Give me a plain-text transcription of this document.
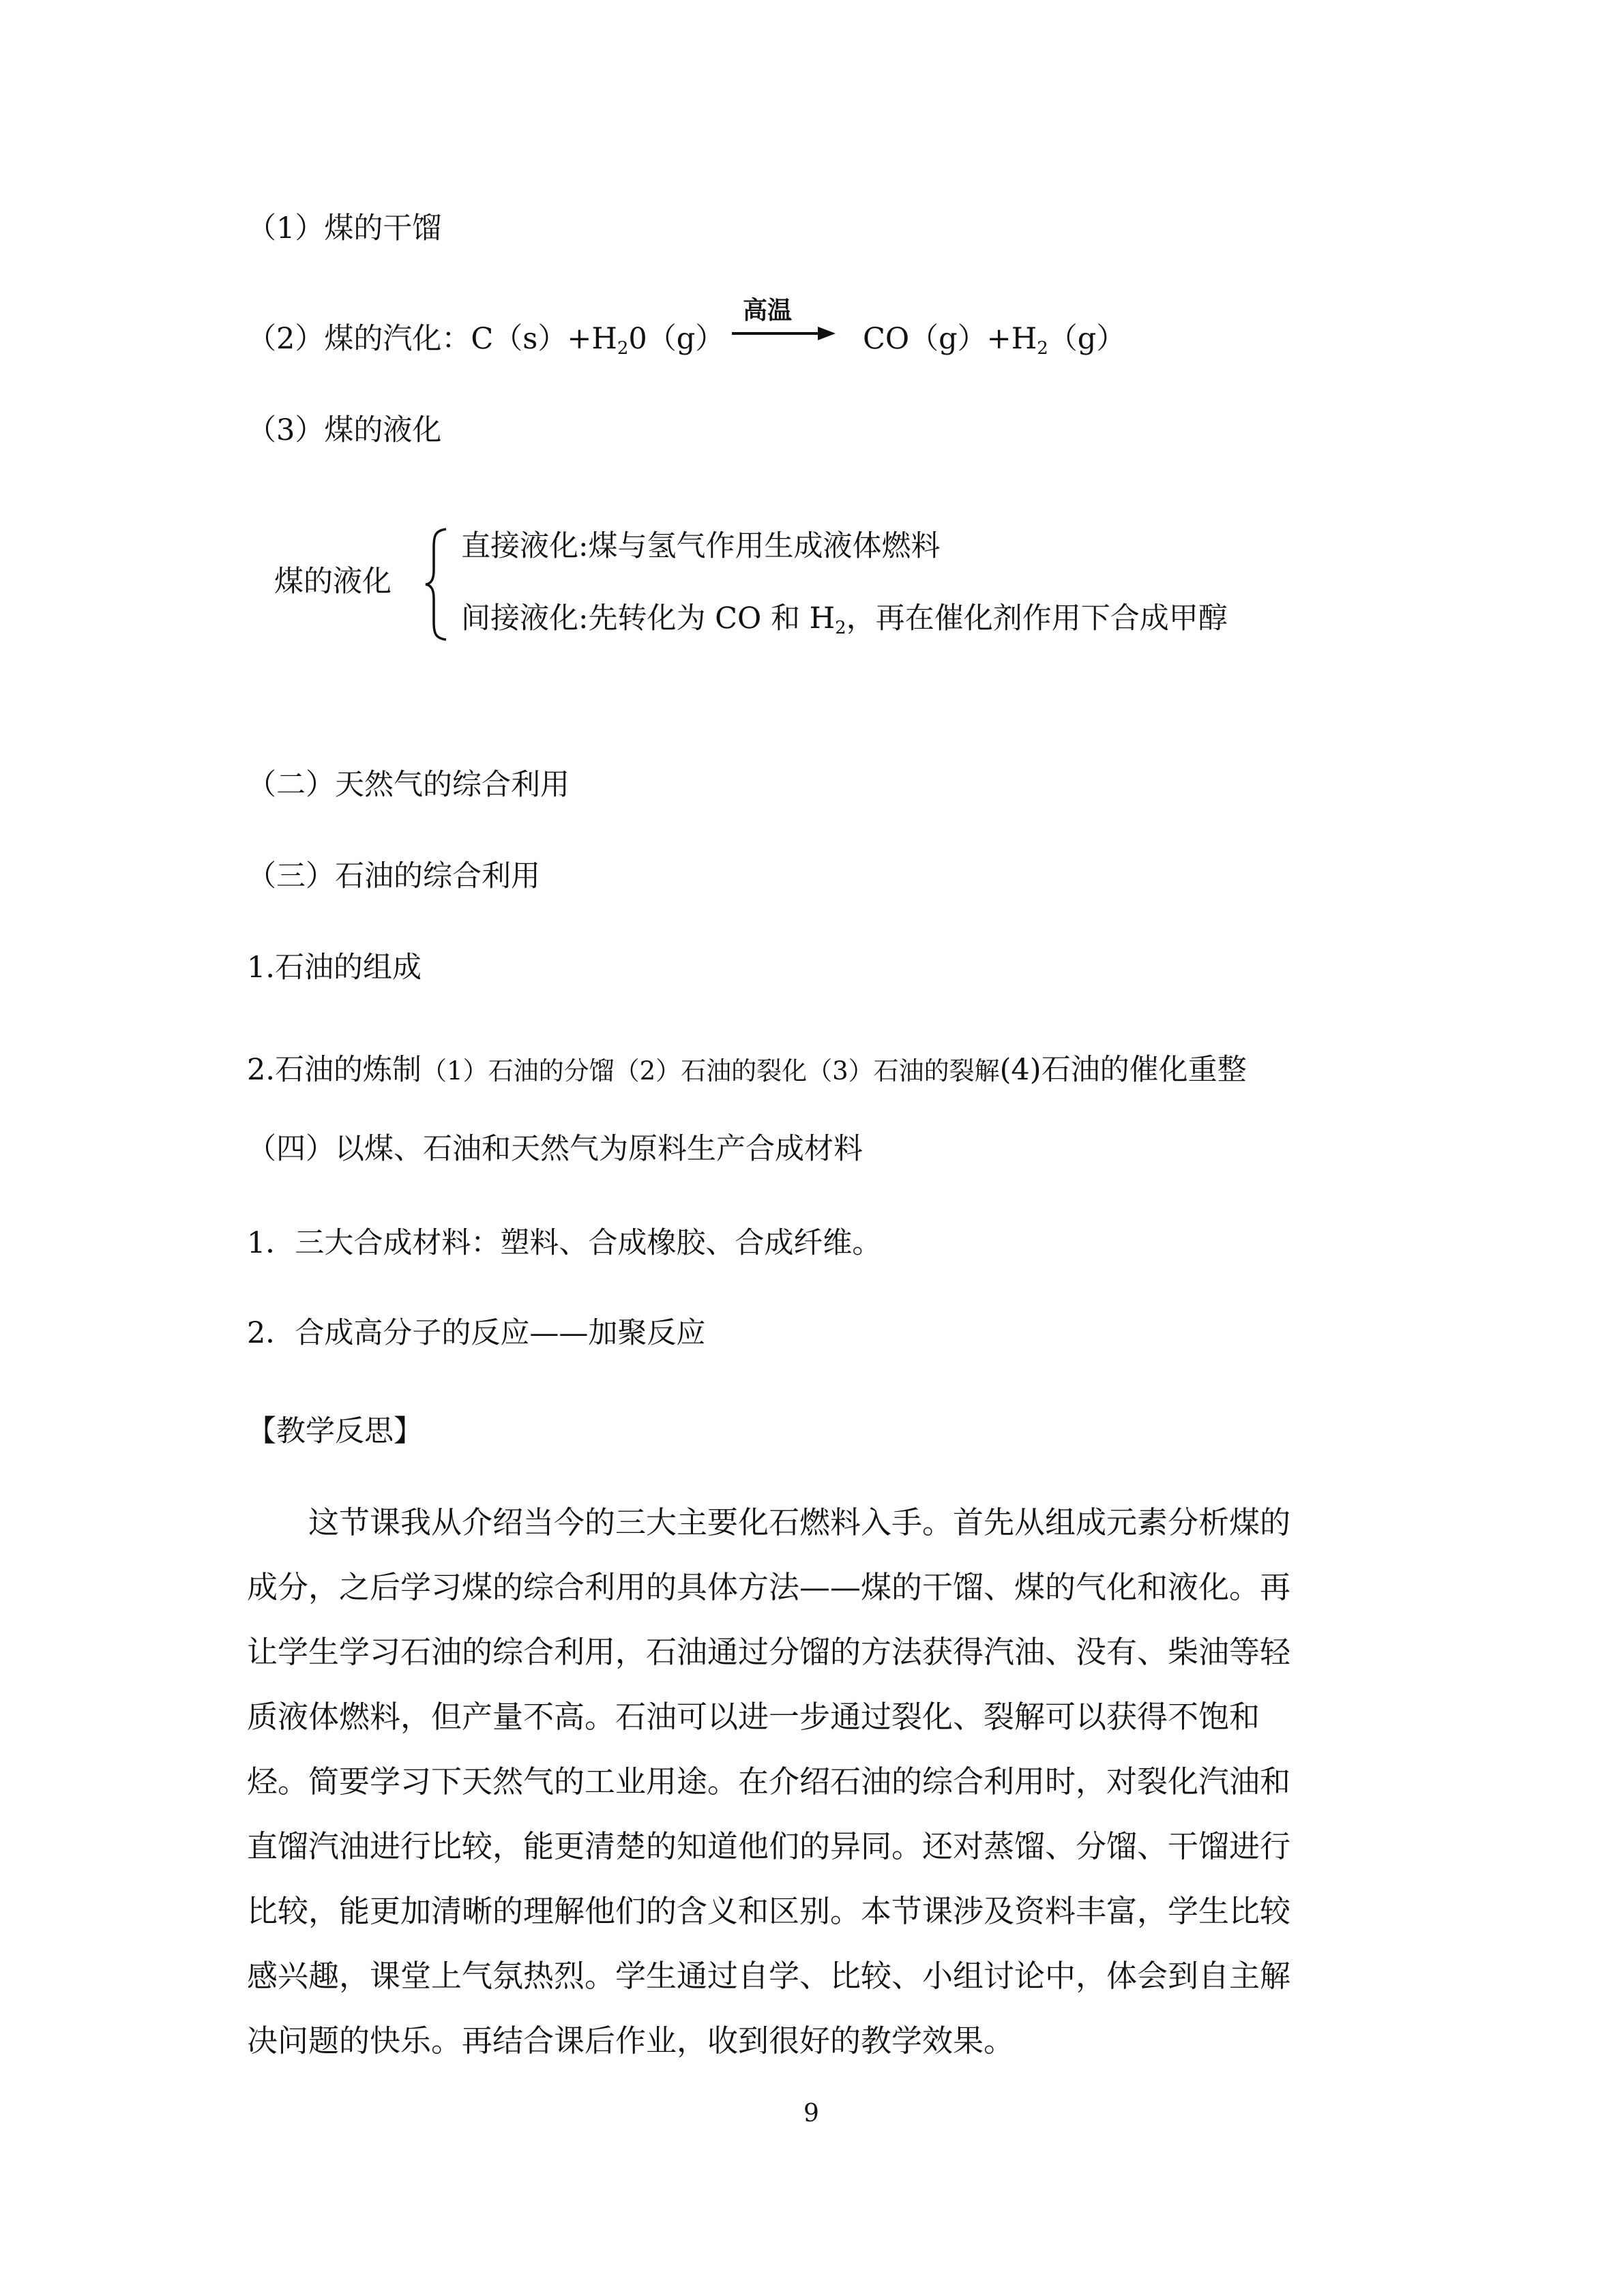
（1）煤的干馏
（2）煤的汽化：$C(s)+H_20(g)$
高温
$CO(g)+H_2(g)$
（3）煤的液化
煤的液化
直接液化:煤与氢气作用生成液体燃料
间接液化:先转化为 CO 和 $H_2$，再在催化剂作用下合成甲醇
（二）天然气的综合利用
（三）石油的综合利用
1.石油的组成
2.石油的炼制（1）石油的分馏（2）石油的裂化（3）石油的裂解(4)石油的催化重整
（四）以煤、石油和天然气为原料生产合成材料
1．三大合成材料：塑料、合成橡胶、合成纤维。
2．合成高分子的反应——加聚反应
【教学反思】
这节课我从介绍当今的三大主要化石燃料入手。首先从组成元素分析煤的
成分，之后学习煤的综合利用的具体方法——煤的干馏、煤的气化和液化。再
让学生学习石油的综合利用，石油通过分馏的方法获得汽油、没有、柴油等轻
质液体燃料，但产量不高。石油可以进一步通过裂化、裂解可以获得不饱和
烃。简要学习下天然气的工业用途。在介绍石油的综合利用时，对裂化汽油和
直馏汽油进行比较，能更清楚的知道他们的异同。还对蒸馏、分馏、干馏进行
比较，能更加清晰的理解他们的含义和区别。本节课涉及资料丰富，学生比较
感兴趣，课堂上气氛热烈。学生通过自学、比较、小组讨论中，体会到自主解
决问题的快乐。再结合课后作业，收到很好的教学效果。
9
